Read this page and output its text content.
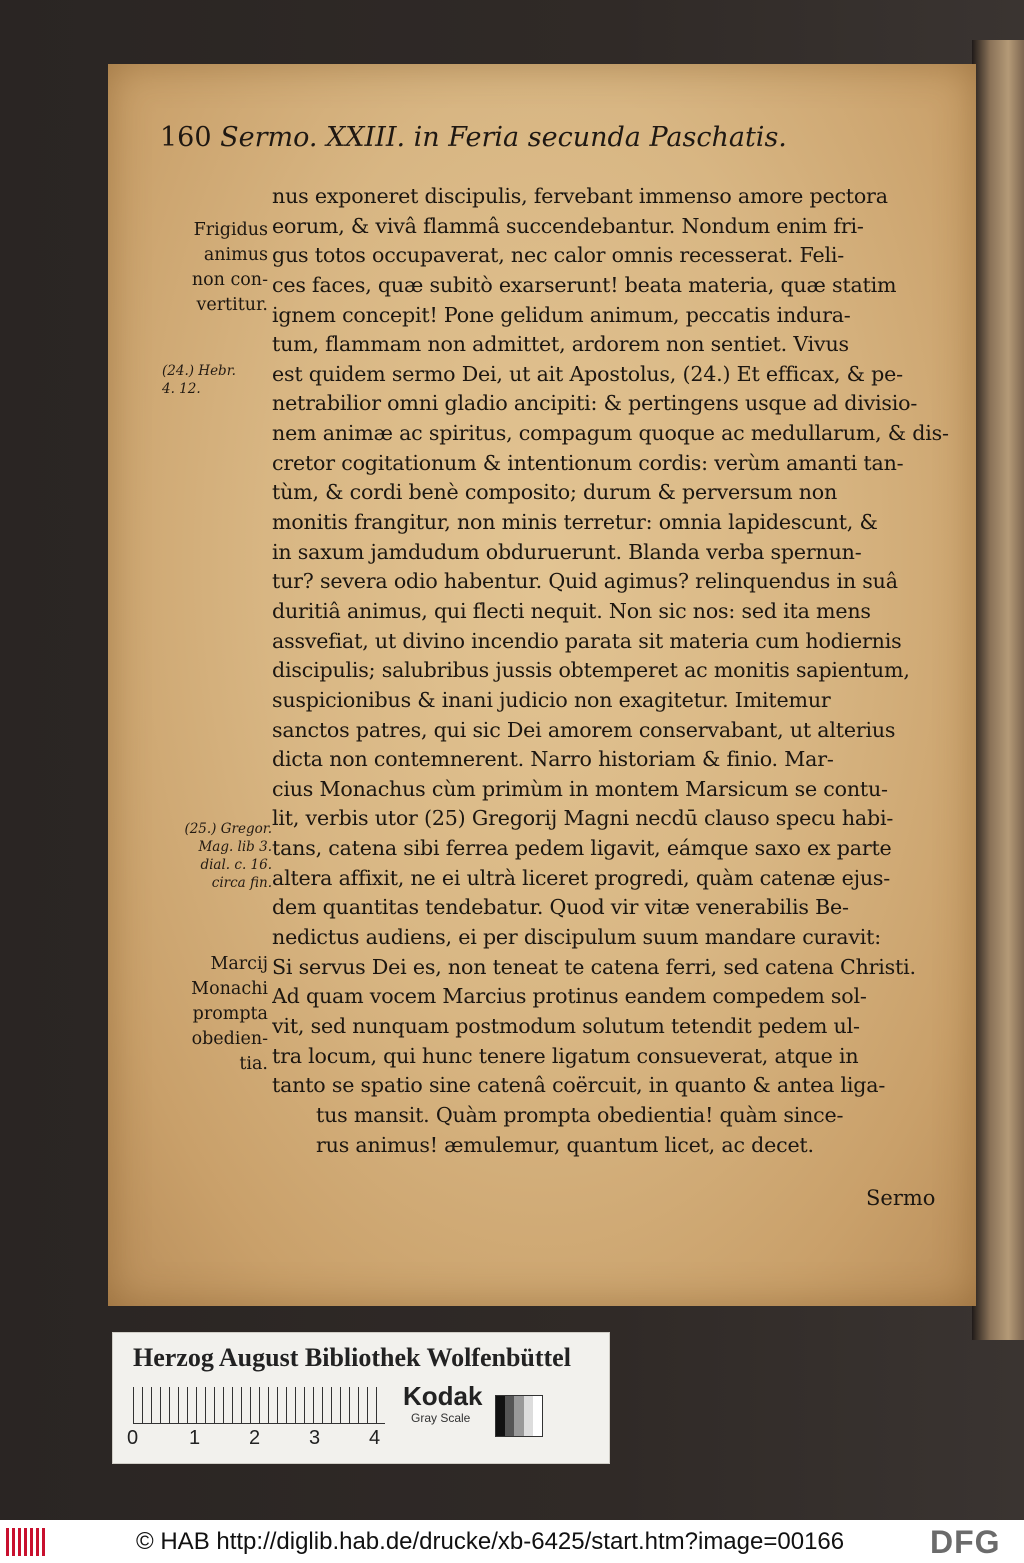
160 Sermo. XXIII. in Feria secunda Paschatis.
nus exponeret discipulis, fervebant immenso amore pectora
eorum, & vivâ flammâ succendebantur. Nondum enim fri-
gus totos occupaverat, nec calor omnis recesserat. Feli-
ces faces, quæ subitò exarserunt! beata materia, quæ statim
ignem concepit! Pone gelidum animum, peccatis indura-
tum, flammam non admittet, ardorem non sentiet. Vivus
est quidem sermo Dei, ut ait Apostolus, (24.) Et efficax, & pe-
netrabilior omni gladio ancipiti: & pertingens usque ad divisio-
nem animæ ac spiritus, compagum quoque ac medullarum, & dis-
cretor cogitationum & intentionum cordis: verùm amanti tan-
tùm, & cordi benè composito; durum & perversum non
monitis frangitur, non minis terretur: omnia lapidescunt, &
in saxum jamdudum obduruerunt. Blanda verba spernun-
tur? severa odio habentur. Quid agimus? relinquendus in suâ
duritiâ animus, qui flecti nequit. Non sic nos: sed ita mens
assvefiat, ut divino incendio parata sit materia cum hodiernis
discipulis; salubribus jussis obtemperet ac monitis sapientum,
suspicionibus & inani judicio non exagitetur. Imitemur
sanctos patres, qui sic Dei amorem conservabant, ut alterius
dicta non contemnerent. Narro historiam & finio. Mar-
cius Monachus cùm primùm in montem Marsicum se contu-
lit, verbis utor (25) Gregorij Magni necdū clauso specu habi-
tans, catena sibi ferrea pedem ligavit, eámque saxo ex parte
altera affixit, ne ei ultrà liceret progredi, quàm catenæ ejus-
dem quantitas tendebatur. Quod vir vitæ venerabilis Be-
nedictus audiens, ei per discipulum suum mandare curavit:
Si servus Dei es, non teneat te catena ferri, sed catena Christi.
Ad quam vocem Marcius protinus eandem compedem sol-
vit, sed nunquam postmodum solutum tetendit pedem ul-
tra locum, qui hunc tenere ligatum consueverat, atque in
tanto se spatio sine catenâ coërcuit, in quanto & antea liga-
tus mansit. Quàm prompta obedientia! quàm since-
rus animus! æmulemur, quantum licet, ac decet.
Sermo
Frigidus
animus
non con-
vertitur.
(24.) Hebr.
4. 12.
(25.) Gregor.
Mag. lib 3.
dial. c. 16.
circa fin.
Marcij
Monachi
prompta
obedien-
tia.
Herzog August Bibliothek Wolfenbüttel
0	1 2 3 4
Kodak
Gray Scale
© HAB http://diglib.hab.de/drucke/xb-6425/start.htm?image=00166	DFG
